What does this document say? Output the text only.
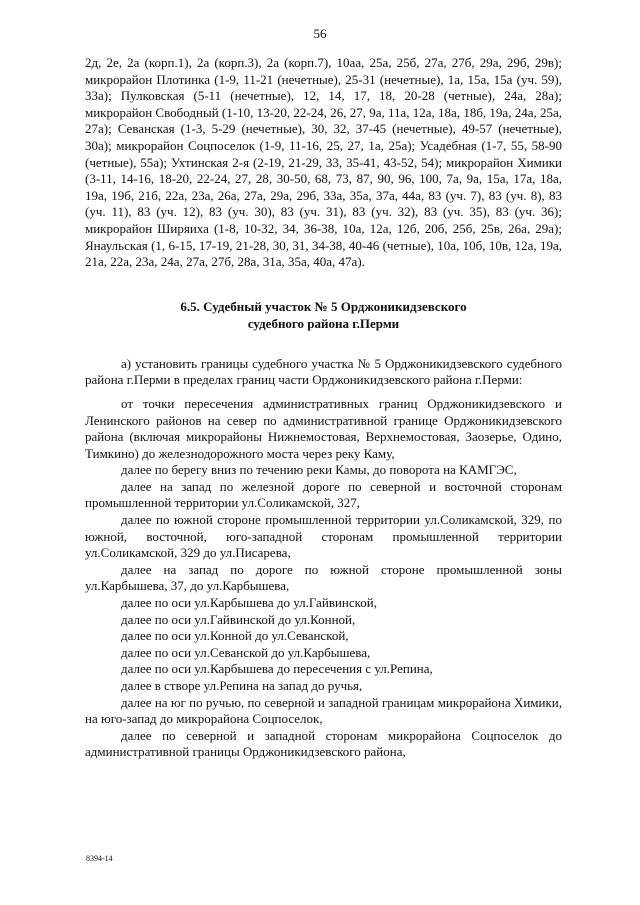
56

2д, 2е, 2а (корп.1), 2а (корп.3), 2а (корп.7), 10аа, 25а, 25б, 27а, 27б, 29а, 29б, 29в); микрорайон Плотинка (1-9, 11-21 (нечетные), 25-31 (нечетные), 1а, 15а, 15а (уч. 59), 33а); Пулковская (5-11 (нечетные), 12, 14, 17, 18, 20-28 (четные), 24а, 28а); микрорайон Свободный (1-10, 13-20, 22-24, 26, 27, 9а, 11а, 12а, 18а, 18б, 19а, 24а, 25а, 27а); Севанская (1-3, 5-29 (нечетные), 30, 32, 37-45 (нечетные), 49-57 (нечетные), 30а); микрорайон Соцпоселок (1-9, 11-16, 25, 27, 1а, 25а); Усадебная (1-7, 55, 58-90 (четные), 55а); Ухтинская 2-я (2-19, 21-29, 33, 35-41, 43-52, 54); микрорайон Химики (3-11, 14-16, 18-20, 22-24, 27, 28, 30-50, 68, 73, 87, 90, 96, 100, 7а, 9а, 15а, 17а, 18а, 19а, 19б, 21б, 22а, 23а, 26а, 27а, 29а, 29б, 33а, 35а, 37а, 44а, 83 (уч. 7), 83 (уч. 8), 83 (уч. 11), 83 (уч. 12), 83 (уч. 30), 83 (уч. 31), 83 (уч. 32), 83 (уч. 35), 83 (уч. 36); микрорайон Ширяиха (1-8, 10-32, 34, 36-38, 10а, 12а, 12б, 20б, 25б, 25в, 26а, 29а); Янаульская (1, 6-15, 17-19, 21-28, 30, 31, 34-38, 40-46 (четные), 10а, 10б, 10в, 12а, 19а, 21а, 22а, 23а, 24а, 27а, 27б, 28а, 31а, 35а, 40а, 47а).

6.5. Судебный участок № 5 Орджоникидзевского
судебного района г.Перми

а) установить границы судебного участка № 5 Орджоникидзевского судебного района г.Перми в пределах границ части Орджоникидзевского района г.Перми:

от точки пересечения административных границ Орджоникидзевского и Ленинского районов на север по административной границе Орджоникидзевского района (включая микрорайоны Нижнемостовая, Верхнемостовая, Заозерье, Одино, Тимкино) до железнодорожного моста через реку Каму,

далее по берегу вниз по течению реки Камы, до поворота на КАМГЭС,

далее на запад по железной дороге по северной и восточной сторонам промышленной территории ул.Соликамской, 327,

далее по южной стороне промышленной территории ул.Соликамской, 329, по южной, восточной, юго-западной сторонам промышленной территории ул.Соликамской, 329 до ул.Писарева,

далее на запад по дороге по южной стороне промышленной зоны ул.Карбышева, 37, до ул.Карбышева,

далее по оси ул.Карбышева до ул.Гайвинской,

далее по оси ул.Гайвинской до ул.Конной,

далее по оси ул.Конной до ул.Севанской,

далее по оси ул.Севанской до ул.Карбышева,

далее по оси ул.Карбышева до пересечения с ул.Репина,

далее в створе ул.Репина на запад до ручья,

далее на юг по ручью, по северной и западной границам микрорайона Химики, на юго-запад до микрорайона Соцпоселок,

далее по северной и западной сторонам микрорайона Соцпоселок до административной границы Орджоникидзевского района,

8394-14
